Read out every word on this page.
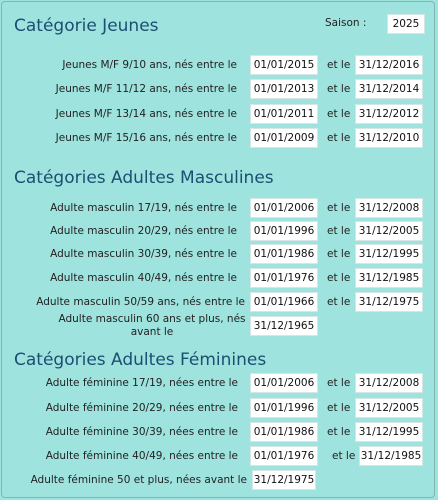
Catégorie Jeunes	Saison :	2025
Jeunes M/F 9/10 ans, nés entre le	01/01/2015	et le 31/12/2016
Jeunes M/F 11/12 ans, nés entre le	01/01/2013	et le 31/12/2014
Jeunes M/F 13/14 ans, nés entre le	01/01/2011	et le 31/12/2012
Jeunes M/F 15/16 ans, nés entre le	01/01/2009	et le 31/12/2010
Catégories Adultes Masculines
Adulte masculin 17/19, nés entre le	01/01/2006	et le 31/12/2008
Adulte masculin 20/29, nés entre le	01/01/1996	et le 31/12/2005
Adulte masculin 30/39, nés entre le	01/01/1986	et le 31/12/1995
Adulte masculin 40/49, nés entre le	01/01/1976	et le 31/12/1985
Adulte masculin 50/59 ans, nés entre le 01/01/1966	et le 31/12/1975
Adulte masculin 60 ans et plus, nés avant le	31/12/1965
Catégories Adultes Féminines
Adulte féminine 17/19, nées entre le	01/01/2006	et le 31/12/2008
Adulte féminine 20/29, nées entre le	01/01/1996	et le 31/12/2005
Adulte féminine 30/39, nées entre le	01/01/1986	et le 31/12/1995
Adulte féminine 40/49, nées entre le	01/01/1976	et le 31/12/1985
Adulte féminine 50 et plus, nées avant le 31/12/1975
